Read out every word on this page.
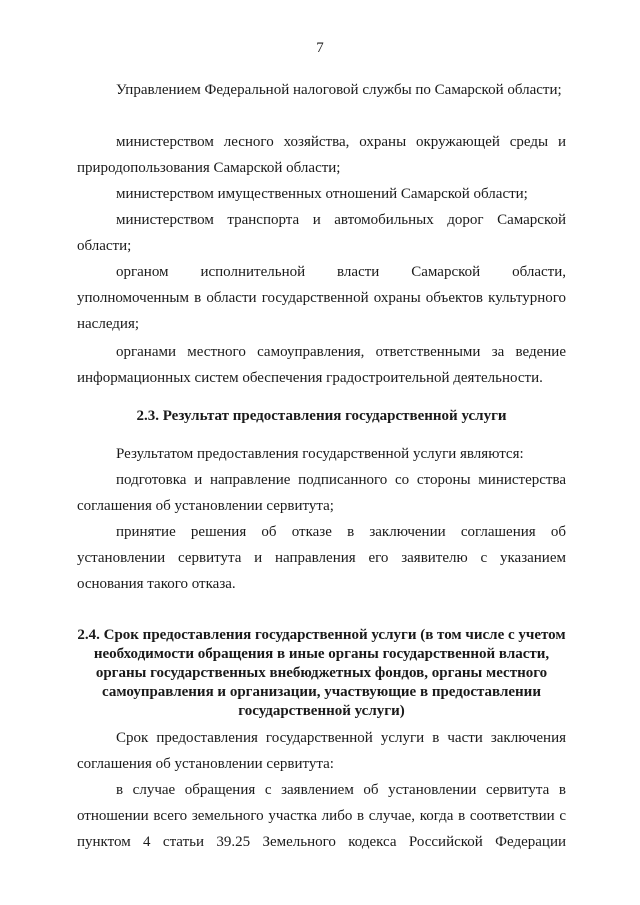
7

Управлением Федеральной налоговой службы по Самарской области;

министерством лесного хозяйства, охраны окружающей среды и природопользования Самарской области;

министерством имущественных отношений Самарской области;

министерством транспорта и автомобильных дорог Самарской области;

органом исполнительной власти Самарской области, уполномоченным в области государственной охраны объектов культурного наследия;

органами местного самоуправления, ответственными за ведение информационных систем обеспечения градостроительной деятельности.

2.3. Результат предоставления государственной услуги

Результатом предоставления государственной услуги являются:

подготовка и направление подписанного со стороны министерства соглашения об установлении сервитута;

принятие решения об отказе в заключении соглашения об установлении сервитута и направления его заявителю с указанием основания такого отказа.

2.4. Срок предоставления государственной услуги (в том числе с учетом необходимости обращения в иные органы государственной власти, органы государственных внебюджетных фондов, органы местного самоуправления и организации, участвующие в предоставлении государственной услуги)

Срок предоставления государственной услуги в части заключения соглашения об установлении сервитута:

в случае обращения с заявлением об установлении сервитута в отношении всего земельного участка либо в случае, когда в соответствии с пунктом 4 статьи 39.25 Земельного кодекса Российской Федерации
